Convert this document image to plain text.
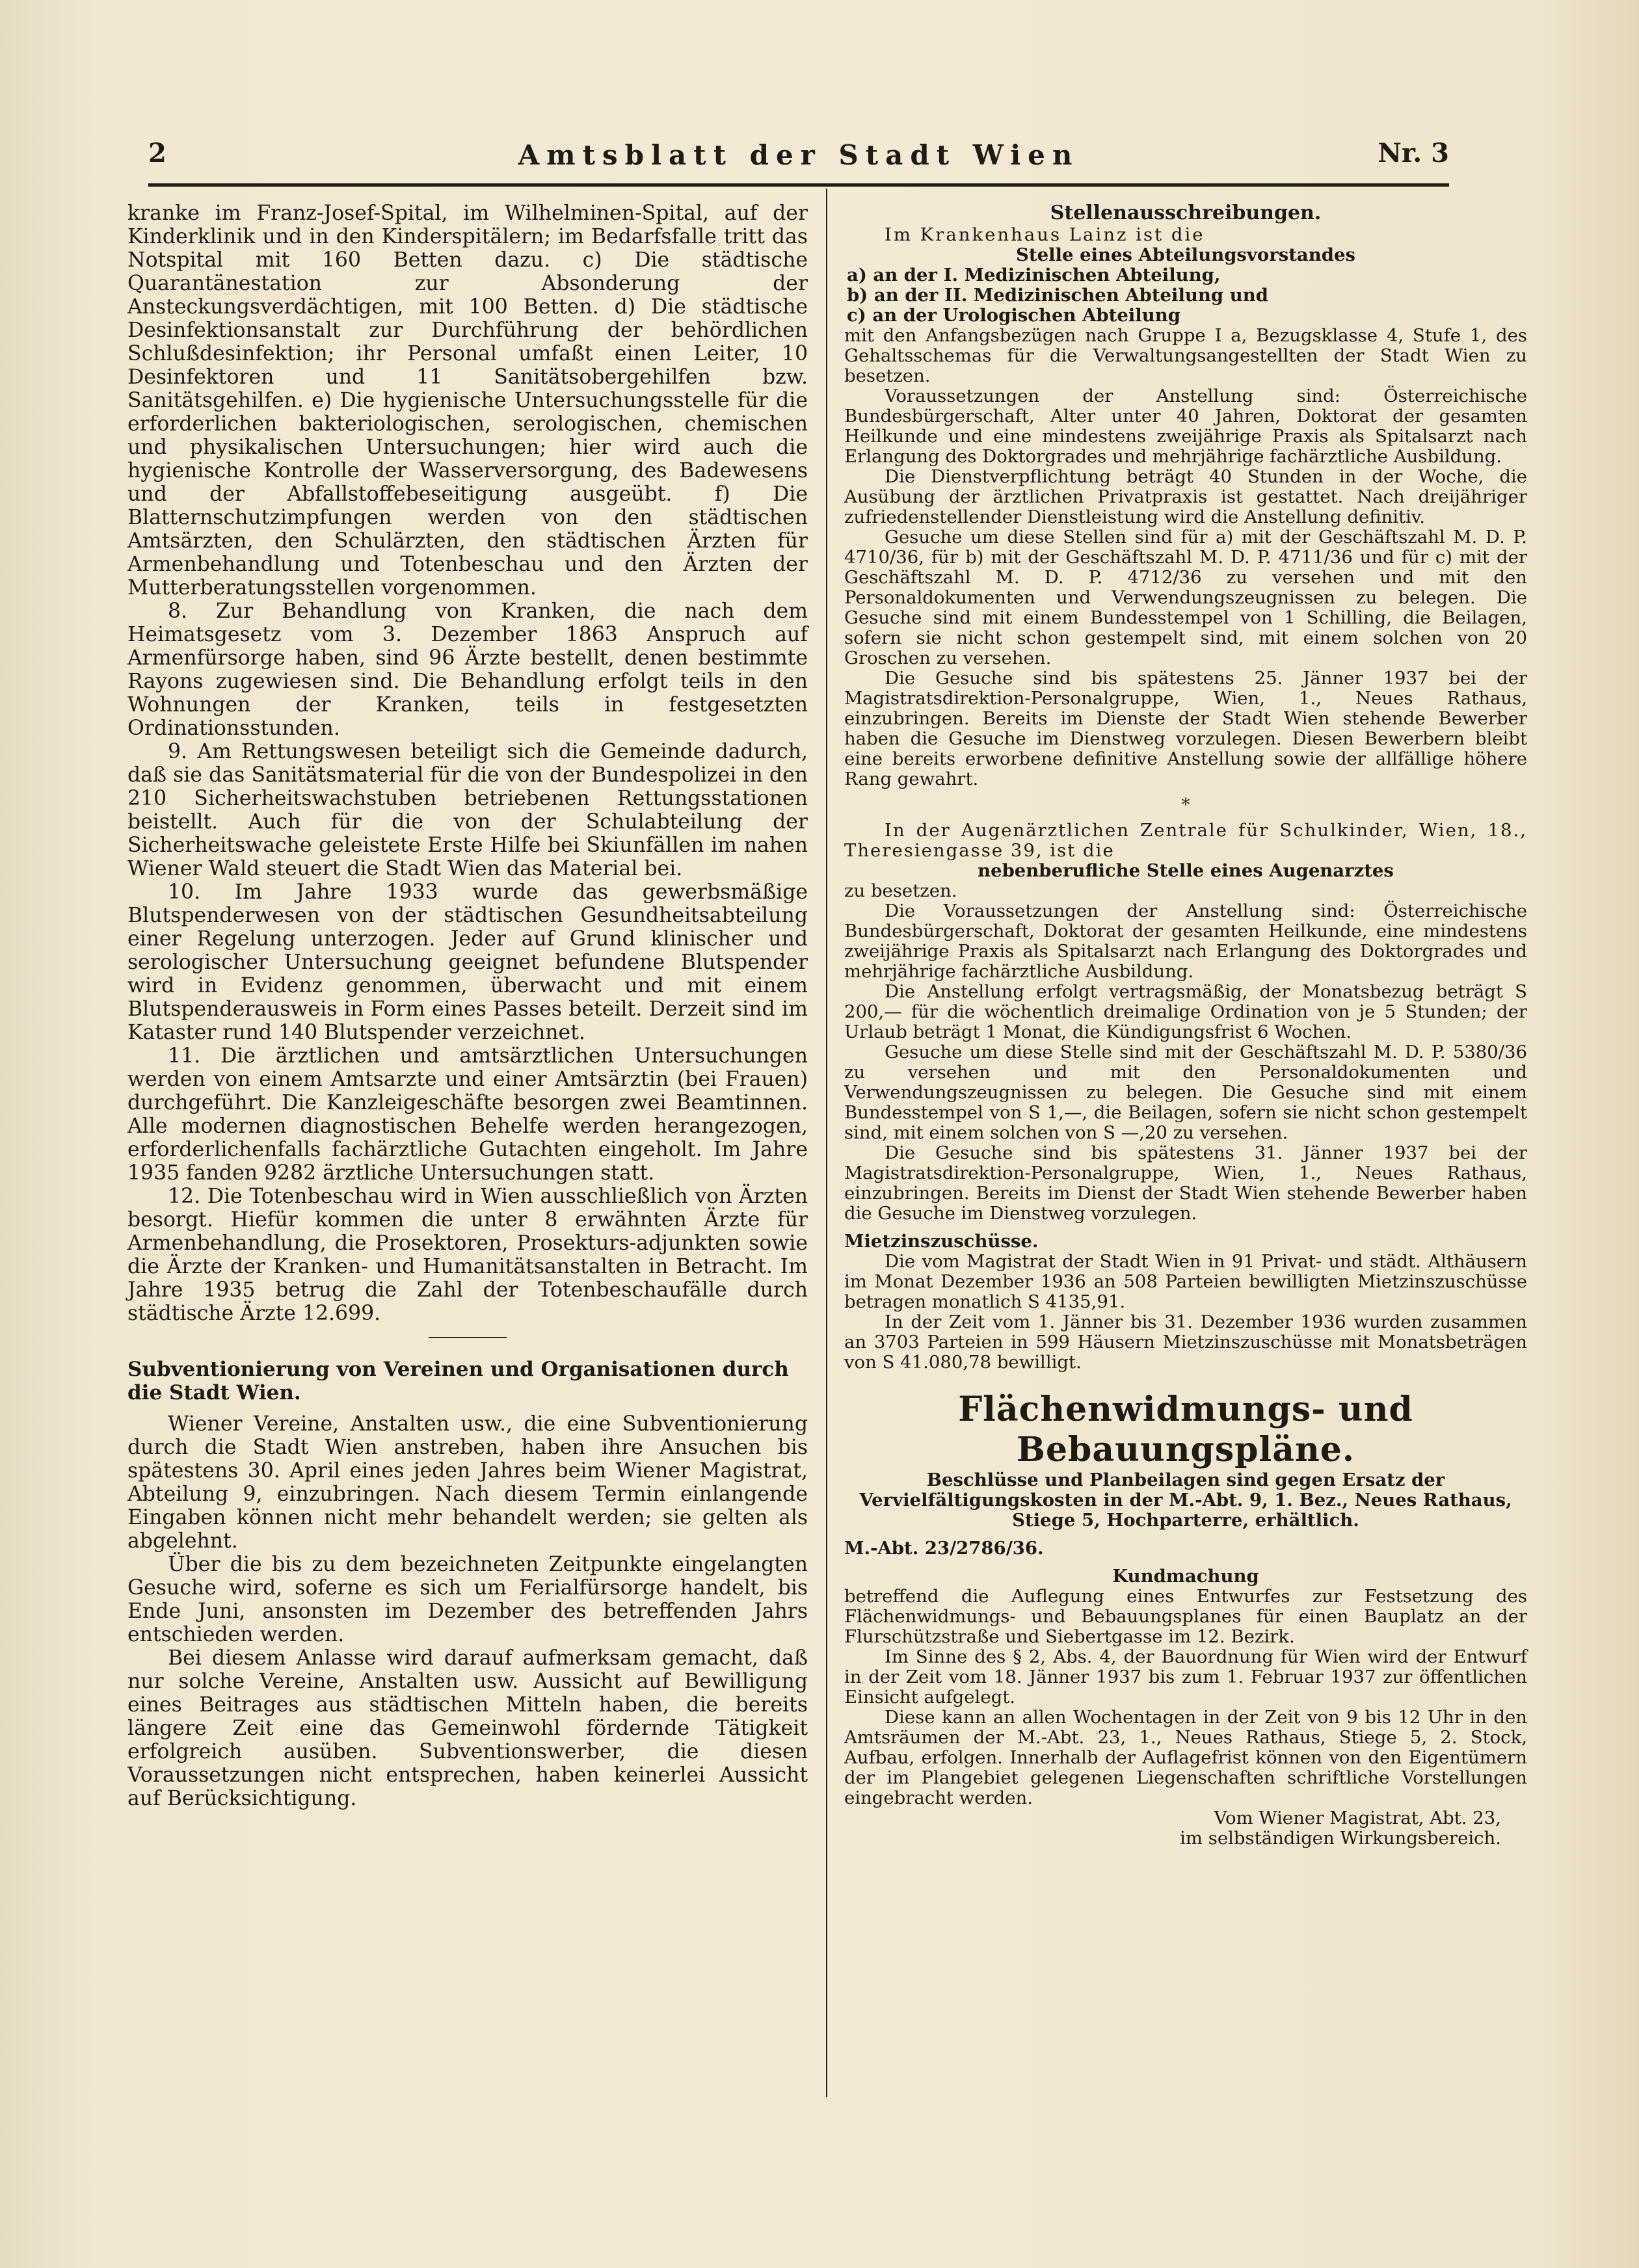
2	Amtsblatt der Stadt Wien	Nr. 3

kranke im Franz-Josef-Spital, im Wilhelminen-Spital, auf der Kinderklinik und in den Kinderspitälern; im Bedarfsfalle tritt das Notspital mit 160 Betten dazu. c) Die städtische Quarantänestation zur Absonderung der Ansteckungsverdächtigen, mit 100 Betten. d) Die städtische Desinfektionsanstalt zur Durchführung der behördlichen Schlußdesinfektion; ihr Personal umfaßt einen Leiter, 10 Desinfektoren und 11 Sanitätsobergehilfen bzw. Sanitätsgehilfen. e) Die hygienische Untersuchungsstelle für die erforderlichen bakteriologischen, serologischen, chemischen und physikalischen Untersuchungen; hier wird auch die hygienische Kontrolle der Wasserversorgung, des Badewesens und der Abfallstoffebeseitigung ausgeübt. f) Die Blatternschutzimpfungen werden von den städtischen Amtsärzten, den Schulärzten, den städtischen Ärzten für Armenbehandlung und Totenbeschau und den Ärzten der Mutterberatungsstellen vorgenommen.

8. Zur Behandlung von Kranken, die nach dem Heimatsgesetz vom 3. Dezember 1863 Anspruch auf Armenfürsorge haben, sind 96 Ärzte bestellt, denen bestimmte Rayons zugewiesen sind. Die Behandlung erfolgt teils in den Wohnungen der Kranken, teils in festgesetzten Ordinationsstunden.

9. Am Rettungswesen beteiligt sich die Gemeinde dadurch, daß sie das Sanitätsmaterial für die von der Bundespolizei in den 210 Sicherheitswachstuben betriebenen Rettungsstationen beistellt. Auch für die von der Schulabteilung der Sicherheitswache geleistete Erste Hilfe bei Skiunfällen im nahen Wiener Wald steuert die Stadt Wien das Material bei.

10. Im Jahre 1933 wurde das gewerbsmäßige Blutspenderwesen von der städtischen Gesundheitsabteilung einer Regelung unterzogen. Jeder auf Grund klinischer und serologischer Untersuchung geeignet befundene Blutspender wird in Evidenz genommen, überwacht und mit einem Blutspenderausweis in Form eines Passes beteilt. Derzeit sind im Kataster rund 140 Blutspender verzeichnet.

11. Die ärztlichen und amtsärztlichen Untersuchungen werden von einem Amtsarzte und einer Amtsärztin (bei Frauen) durchgeführt. Die Kanzleigeschäfte besorgen zwei Beamtinnen. Alle modernen diagnostischen Behelfe werden herangezogen, erforderlichenfalls fachärztliche Gutachten eingeholt. Im Jahre 1935 fanden 9282 ärztliche Untersuchungen statt.

12. Die Totenbeschau wird in Wien ausschließlich von Ärzten besorgt. Hiefür kommen die unter 8 erwähnten Ärzte für Armenbehandlung, die Prosektoren, Prosekturs-adjunkten sowie die Ärzte der Kranken- und Humanitätsanstalten in Betracht. Im Jahre 1935 betrug die Zahl der Totenbeschaufälle durch städtische Ärzte 12.699.

Subventionierung von Vereinen und Organisationen durch die Stadt Wien.

Wiener Vereine, Anstalten usw., die eine Subventionierung durch die Stadt Wien anstreben, haben ihre Ansuchen bis spätestens 30. April eines jeden Jahres beim Wiener Magistrat, Abteilung 9, einzubringen. Nach diesem Termin einlangende Eingaben können nicht mehr behandelt werden; sie gelten als abgelehnt.

Über die bis zu dem bezeichneten Zeitpunkte eingelangten Gesuche wird, soferne es sich um Ferialfürsorge handelt, bis Ende Juni, ansonsten im Dezember des betreffenden Jahrs entschieden werden.

Bei diesem Anlasse wird darauf aufmerksam gemacht, daß nur solche Vereine, Anstalten usw. Aussicht auf Bewilligung eines Beitrages aus städtischen Mitteln haben, die bereits längere Zeit eine das Gemeinwohl fördernde Tätigkeit erfolgreich ausüben. Subventionswerber, die diesen Voraussetzungen nicht entsprechen, haben keinerlei Aussicht auf Berücksichtigung.

Stellenausschreibungen.

Im Krankenhaus Lainz ist die

Stelle eines Abteilungsvorstandes

a) an der I. Medizinischen Abteilung,

b) an der II. Medizinischen Abteilung und

c) an der Urologischen Abteilung

mit den Anfangsbezügen nach Gruppe I a, Bezugsklasse 4, Stufe 1, des Gehaltsschemas für die Verwaltungsangestellten der Stadt Wien zu besetzen.

Voraussetzungen der Anstellung sind: Österreichische Bundesbürgerschaft, Alter unter 40 Jahren, Doktorat der gesamten Heilkunde und eine mindestens zweijährige Praxis als Spitalsarzt nach Erlangung des Doktorgrades und mehrjährige fachärztliche Ausbildung.

Die Dienstverpflichtung beträgt 40 Stunden in der Woche, die Ausübung der ärztlichen Privatpraxis ist gestattet. Nach dreijähriger zufriedenstellender Dienstleistung wird die Anstellung definitiv.

Gesuche um diese Stellen sind für a) mit der Geschäftszahl M. D. P. 4710/36, für b) mit der Geschäftszahl M. D. P. 4711/36 und für c) mit der Geschäftszahl M. D. P. 4712/36 zu versehen und mit den Personaldokumenten und Verwendungszeugnissen zu belegen. Die Gesuche sind mit einem Bundesstempel von 1 Schilling, die Beilagen, sofern sie nicht schon gestempelt sind, mit einem solchen von 20 Groschen zu versehen.

Die Gesuche sind bis spätestens 25. Jänner 1937 bei der Magistratsdirektion-Personalgruppe, Wien, 1., Neues Rathaus, einzubringen. Bereits im Dienste der Stadt Wien stehende Bewerber haben die Gesuche im Dienstweg vorzulegen. Diesen Bewerbern bleibt eine bereits erworbene definitive Anstellung sowie der allfällige höhere Rang gewahrt.

*

In der Augenärztlichen Zentrale für Schulkinder, Wien, 18., Theresiengasse 39, ist die

nebenberufliche Stelle eines Augenarztes

zu besetzen.

Die Voraussetzungen der Anstellung sind: Österreichische Bundesbürgerschaft, Doktorat der gesamten Heilkunde, eine mindestens zweijährige Praxis als Spitalsarzt nach Erlangung des Doktorgrades und mehrjährige fachärztliche Ausbildung.

Die Anstellung erfolgt vertragsmäßig, der Monatsbezug beträgt S 200,— für die wöchentlich dreimalige Ordination von je 5 Stunden; der Urlaub beträgt 1 Monat, die Kündigungsfrist 6 Wochen.

Gesuche um diese Stelle sind mit der Geschäftszahl M. D. P. 5380/36 zu versehen und mit den Personaldokumenten und Verwendungszeugnissen zu belegen. Die Gesuche sind mit einem Bundesstempel von S 1,—, die Beilagen, sofern sie nicht schon gestempelt sind, mit einem solchen von S —,20 zu versehen.

Die Gesuche sind bis spätestens 31. Jänner 1937 bei der Magistratsdirektion-Personalgruppe, Wien, 1., Neues Rathaus, einzubringen. Bereits im Dienst der Stadt Wien stehende Bewerber haben die Gesuche im Dienstweg vorzulegen.

Mietzinszuschüsse.

Die vom Magistrat der Stadt Wien in 91 Privat- und städt. Althäusern im Monat Dezember 1936 an 508 Parteien bewilligten Mietzinszuschüsse betragen monatlich S 4135,91.

In der Zeit vom 1. Jänner bis 31. Dezember 1936 wurden zusammen an 3703 Parteien in 599 Häusern Mietzinszuschüsse mit Monatsbeträgen von S 41.080,78 bewilligt.

Flächenwidmungs- und Bebauungspläne.

Beschlüsse und Planbeilagen sind gegen Ersatz der Vervielfältigungskosten in der M.-Abt. 9, 1. Bez., Neues Rathaus, Stiege 5, Hochparterre, erhältlich.

M.-Abt. 23/2786/36.

Kundmachung

betreffend die Auflegung eines Entwurfes zur Festsetzung des Flächenwidmungs- und Bebauungsplanes für einen Bauplatz an der Flurschützstraße und Siebertgasse im 12. Bezirk.

Im Sinne des § 2, Abs. 4, der Bauordnung für Wien wird der Entwurf in der Zeit vom 18. Jänner 1937 bis zum 1. Februar 1937 zur öffentlichen Einsicht aufgelegt.

Diese kann an allen Wochentagen in der Zeit von 9 bis 12 Uhr in den Amtsräumen der M.-Abt. 23, 1., Neues Rathaus, Stiege 5, 2. Stock, Aufbau, erfolgen. Innerhalb der Auflagefrist können von den Eigentümern der im Plangebiet gelegenen Liegenschaften schriftliche Vorstellungen eingebracht werden.

Vom Wiener Magistrat, Abt. 23,

im selbständigen Wirkungsbereich.
